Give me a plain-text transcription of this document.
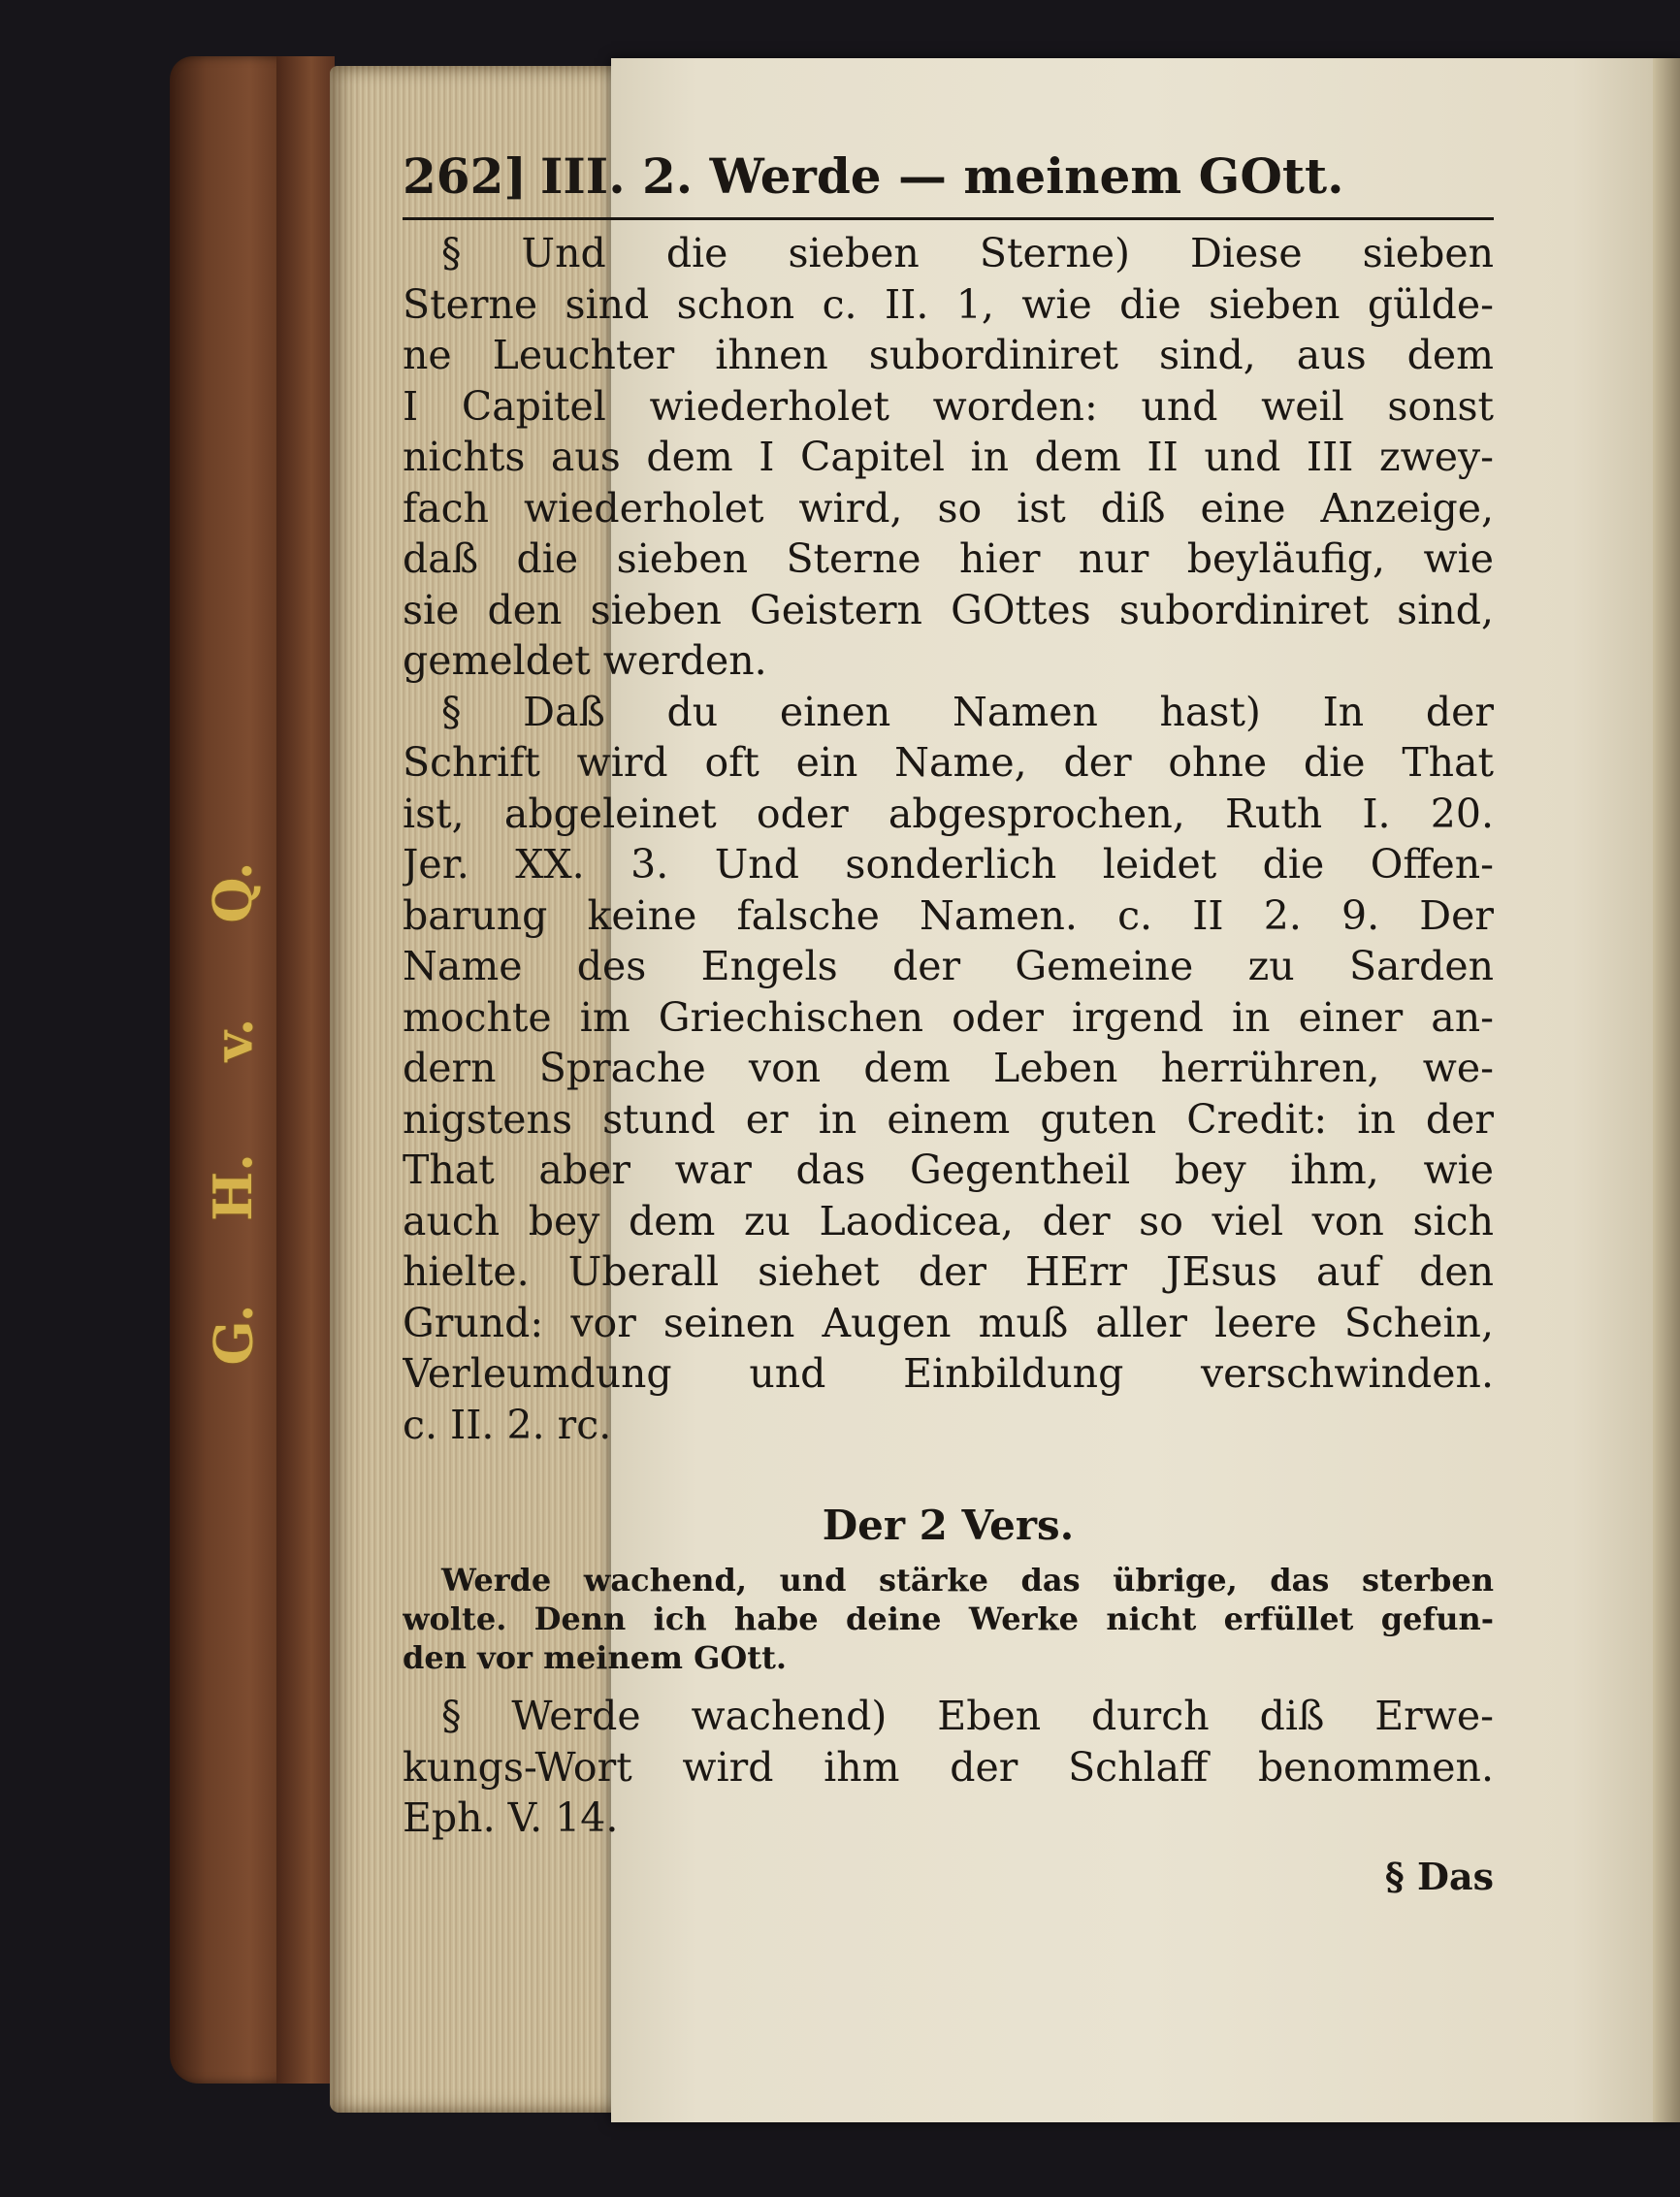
G.
H.
v.
Q.
262] III. 2. Werde — meinem GOtt.
§ Und die sieben Sterne) Diese sieben
Sterne sind schon c. II. 1, wie die sieben gülde-
ne Leuchter ihnen subordiniret sind, aus dem
I Capitel wiederholet worden: und weil sonst
nichts aus dem I Capitel in dem II und III zwey-
fach wiederholet wird, so ist diß eine Anzeige,
daß die sieben Sterne hier nur beyläufig, wie
sie den sieben Geistern GOttes subordiniret sind,
gemeldet werden.
§ Daß du einen Namen hast) In der
Schrift wird oft ein Name, der ohne die That
ist, abgeleinet oder abgesprochen, Ruth I. 20.
Jer. XX. 3. Und sonderlich leidet die Offen-
barung keine falsche Namen. c. II 2. 9. Der
Name des Engels der Gemeine zu Sarden
mochte im Griechischen oder irgend in einer an-
dern Sprache von dem Leben herrühren, we-
nigstens stund er in einem guten Credit: in der
That aber war das Gegentheil bey ihm, wie
auch bey dem zu Laodicea, der so viel von sich
hielte. Uberall siehet der HErr JEsus auf den
Grund: vor seinen Augen muß aller leere Schein,
Verleumdung und Einbildung verschwinden.
c. II. 2. rc.
Der 2 Vers.
Werde wachend, und stärke das übrige, das sterben
wolte. Denn ich habe deine Werke nicht erfüllet gefun-
den vor meinem GOtt.
§ Werde wachend) Eben durch diß Erwe-
kungs-Wort wird ihm der Schlaff benommen.
Eph. V. 14.
§ Das
